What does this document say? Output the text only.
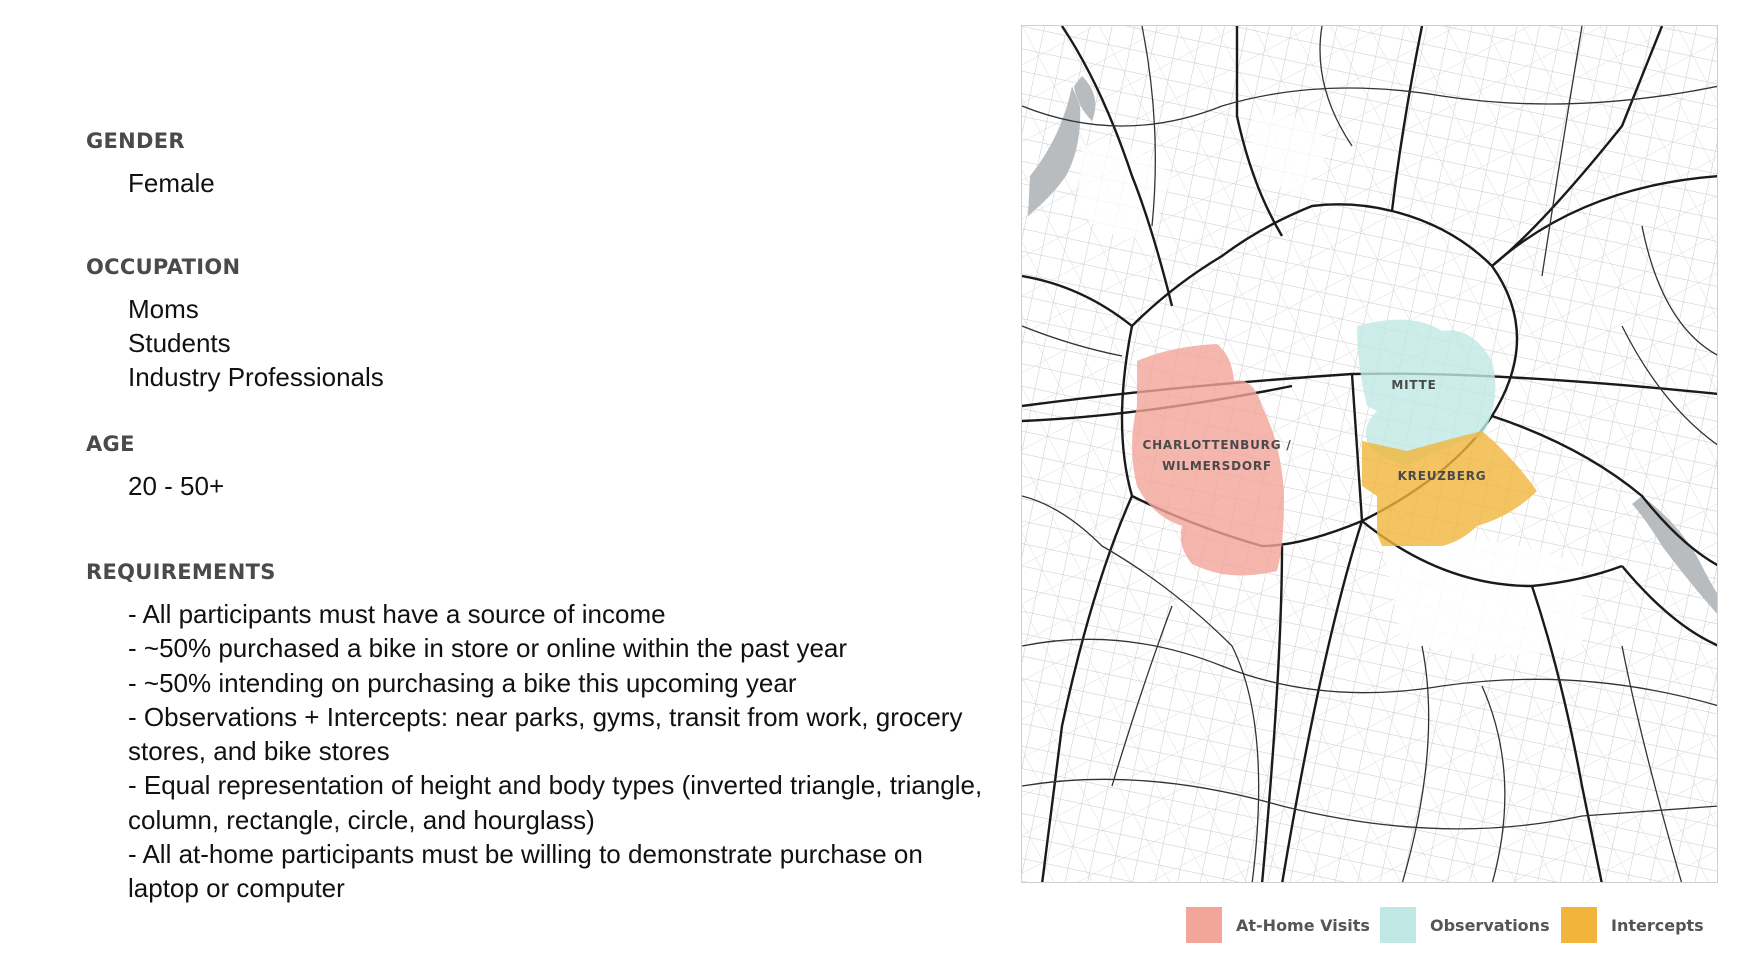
GENDER
Female
OCCUPATION
Moms
Students
Industry Professionals
AGE
20 - 50+
REQUIREMENTS
- All participants must have a source of income
- ~50% purchased a bike in store or online within the past year
- ~50% intending on purchasing a bike this upcoming year
- Observations + Intercepts: near parks, gyms, transit from work, grocery stores, and bike stores
- Equal representation of height and body types (inverted triangle, triangle, column, rectangle, circle, and hourglass)
- All at-home participants must be willing to demonstrate purchase on laptop or computer
MITTE
CHARLOTTENBURG /
WILMERSDORF
KREUZBERG
At-Home Visits	Observations	Intercepts
